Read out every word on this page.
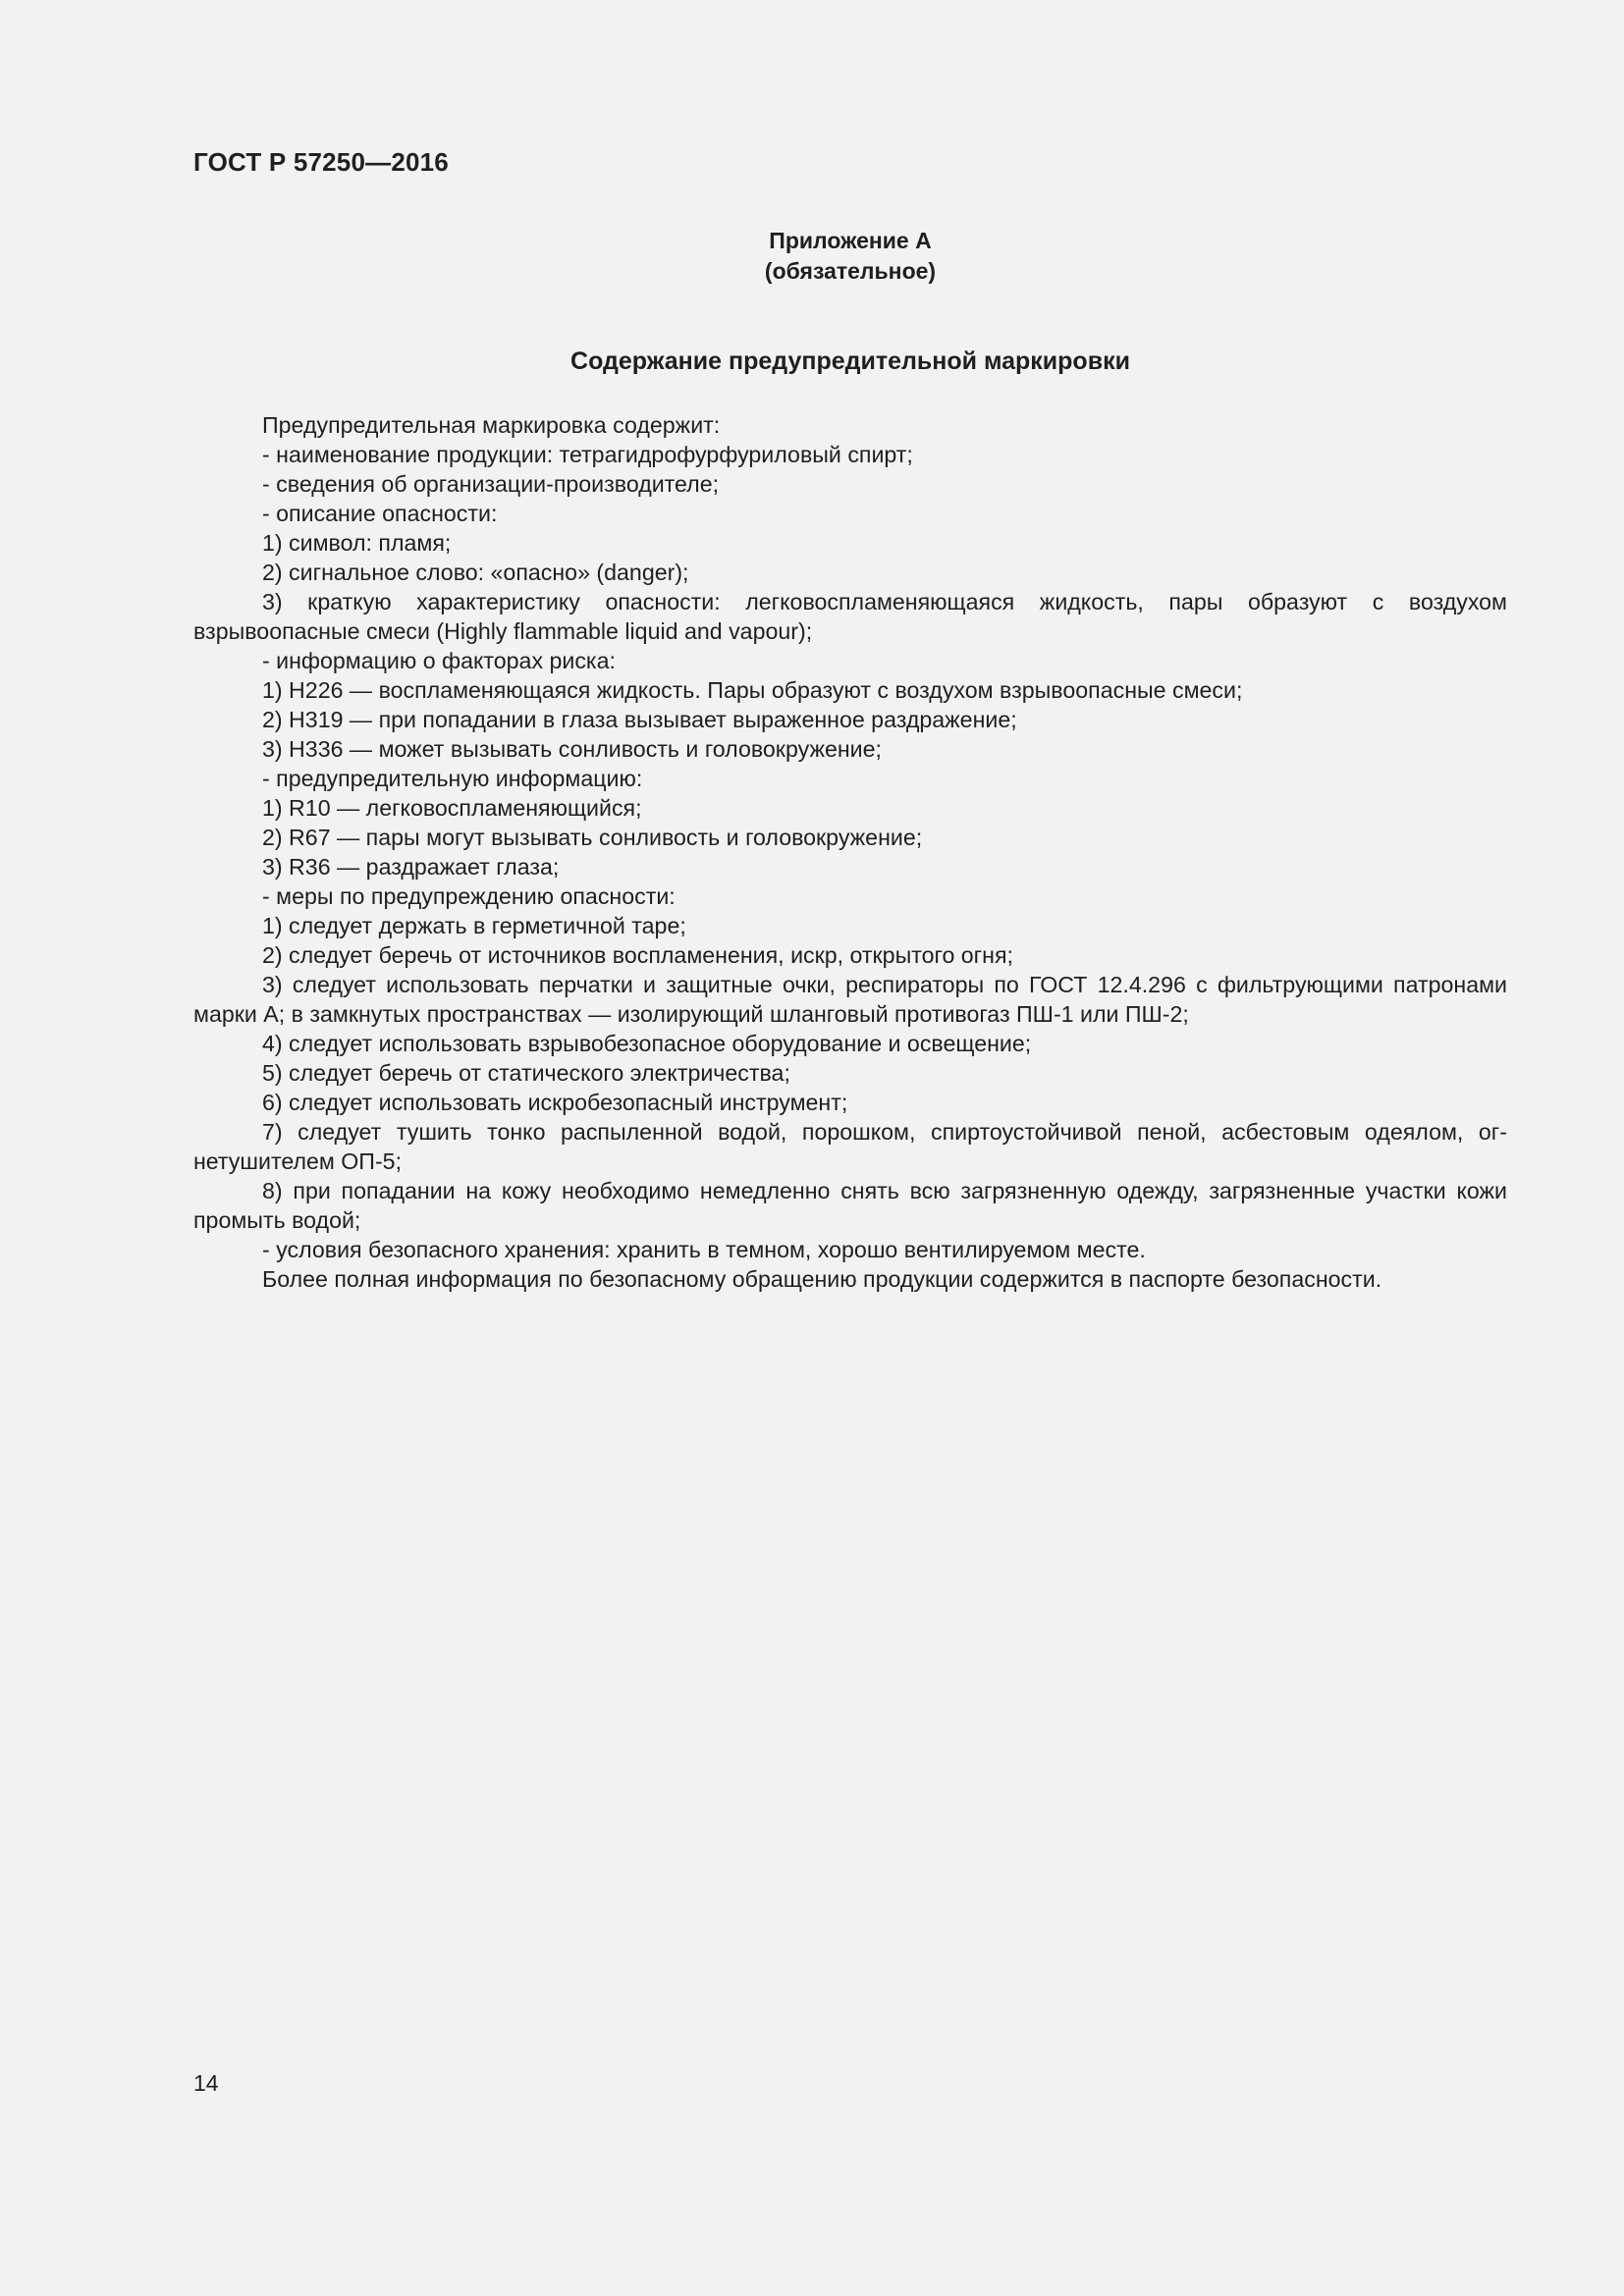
ГОСТ Р 57250—2016
Приложение А
(обязательное)
Содержание предупредительной маркировки

Предупредительная маркировка содержит:

- наименование продукции: тетрагидрофурфуриловый спирт;

- сведения об организации-производителе;

- описание опасности:

1) символ: пламя;

2) сигнальное слово: «опасно» (danger);

3) краткую характеристику опасности: легковоспламеняющаяся жидкость, пары образуют с воздухом взрывоопасные смеси (Highly flammable liquid and vapour);

- информацию о факторах риска:

1) Н226 — воспламеняющаяся жидкость. Пары образуют с воздухом взрывоопасные смеси;

2) Н319 — при попадании в глаза вызывает выраженное раздражение;

3) Н336 — может вызывать сонливость и головокружение;

- предупредительную информацию:

1) R10 — легковоспламеняющийся;

2) R67 — пары могут вызывать сонливость и головокружение;

3) R36 — раздражает глаза;

- меры по предупреждению опасности:

1) следует держать в герметичной таре;

2) следует беречь от источников воспламенения, искр, открытого огня;

3) следует использовать перчатки и защитные очки, респираторы по ГОСТ 12.4.296 с фильтрующими патронами марки А; в замкнутых пространствах — изолирующий шланговый противогаз ПШ-1 или ПШ-2;

4) следует использовать взрывобезопасное оборудование и освещение;

5) следует беречь от статического электричества;

6) следует использовать искробезопасный инструмент;

7) следует тушить тонко распыленной водой, порошком, спиртоустойчивой пеной, асбестовым одеялом, огнетушителем ОП-5;

8) при попадании на кожу необходимо немедленно снять всю загрязненную одежду, загрязненные участки кожи промыть водой;

- условия безопасного хранения: хранить в темном, хорошо вентилируемом месте.

Более полная информация по безопасному обращению продукции содержится в паспорте безопасности.

14
